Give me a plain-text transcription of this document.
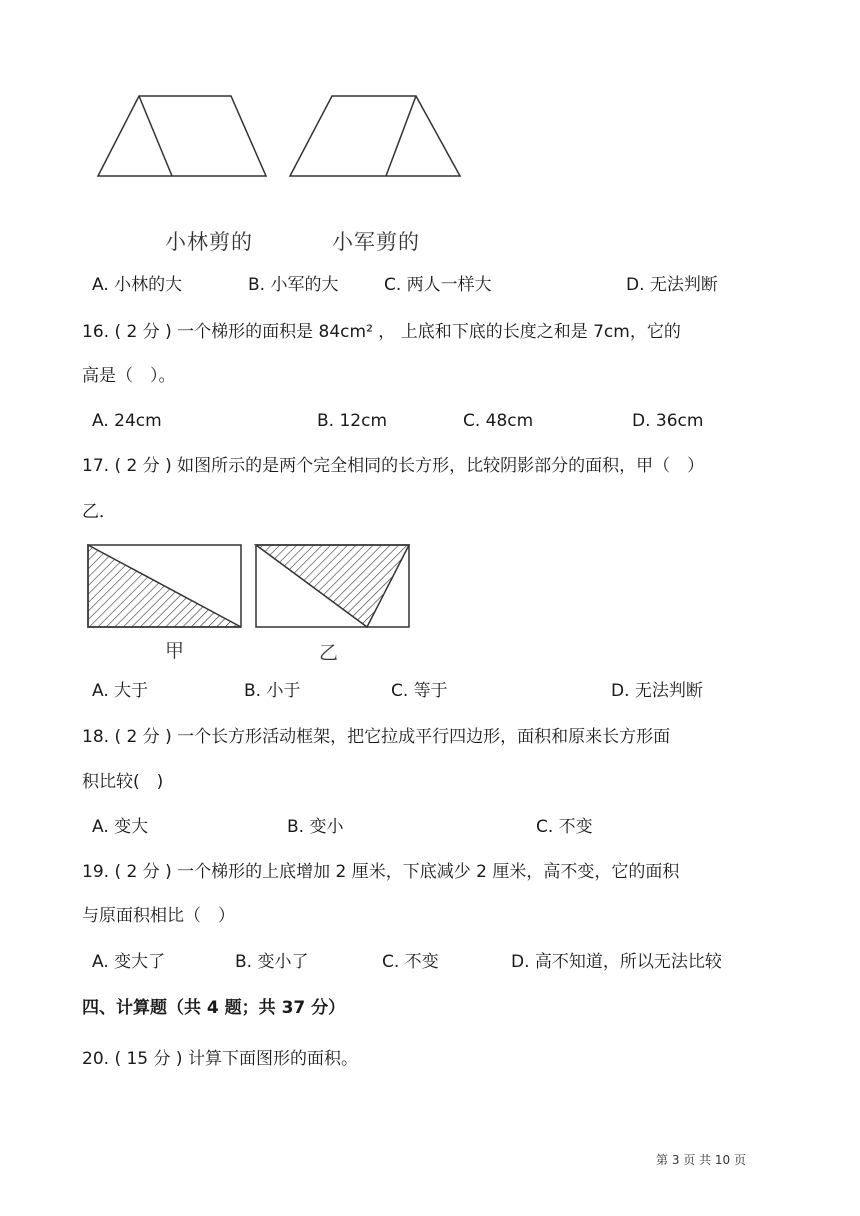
小林剪的	小军剪的
A. 小林的大	B. 小军的大	C. 两人一样大	D. 无法判断
16. ( 2 分 ) 一个梯形的面积是 84cm² ， 上底和下底的长度之和是 7cm，它的
高是（　）。
A. 24cm	B. 12cm	C. 48cm	D. 36cm
17. ( 2 分 ) 如图所示的是两个完全相同的长方形，比较阴影部分的面积，甲（　）
乙．
甲	乙
A. 大于	B. 小于	C. 等于	D. 无法判断
18. ( 2 分 ) 一个长方形活动框架，把它拉成平行四边形，面积和原来长方形面
积比较(　)
A. 变大	B. 变小	C. 不变
19. ( 2 分 ) 一个梯形的上底增加 2 厘米，下底减少 2 厘米，高不变，它的面积
与原面积相比（　）
A. 变大了	B. 变小了	C. 不变	D. 高不知道，所以无法比较
四、计算题（共 4 题；共 37 分）
20. ( 15 分 ) 计算下面图形的面积。
第 3 页 共 10 页
